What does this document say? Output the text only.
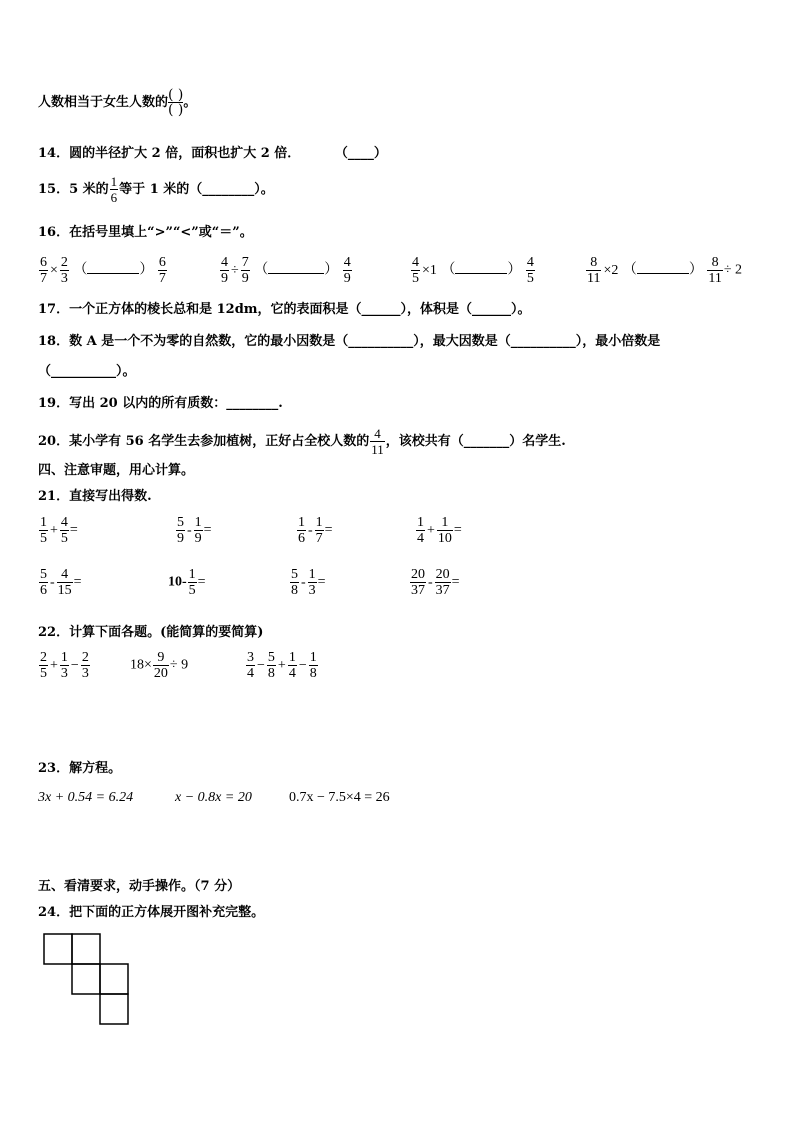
人数相当于女生人数的 $\frac{( )}{( )}$ 。
14．圆的半径扩大 2 倍，面积也扩大 2 倍．	（____）
15．5 米的 $\frac{1}{6}$ 等于 1 米的（________）。
16．在括号里填上“>”“<”或“＝”。
$\frac{6}{7} \times \frac{2}{3}$ （	） $\frac{6}{7}$	$\frac{4}{9} \div \frac{7}{9}$ （	） $\frac{4}{9}$	$\frac{4}{5} \times 1$ （	） $\frac{4}{5}$	$\frac{8}{11} \times 2$ （	） $\frac{8}{11} \div 2$
17．一个正方体的棱长总和是 12dm，它的表面积是（______），体积是（______）。
18．数 A 是一个不为零的自然数，它的最小因数是（__________），最大因数是（__________），最小倍数是
（__________）。
19．写出 20 以内的所有质数：________.
20．某小学有 56 名学生去参加植树，正好占全校人数的 $\frac{4}{11}$ ，该校共有（_______）名学生.
四、注意审题，用心计算。
21．直接写出得数.
$\frac{1}{5} + \frac{4}{5}$ =	$\frac{5}{9} - \frac{1}{9}$ =	$\frac{1}{6} - \frac{1}{7}$ =	$\frac{1}{4} + \frac{1}{10}$ =
$\frac{5}{6} - \frac{4}{15}$ =	$10- \frac{1}{5}$ =	$\frac{5}{8} - \frac{1}{3}$ =	$\frac{20}{37} - \frac{20}{37}$ =
22．计算下面各题。(能简算的要简算)
$\frac{2}{5} + \frac{1}{3} - \frac{2}{3}$	$18\times \frac{9}{20} \div 9$	$\frac{3}{4} - \frac{5}{8} + \frac{1}{4} - \frac{1}{8}$
23．解方程。
3x + 0.54 = 6.24	x − 0.8x = 20	0.7x − 7.5×4 = 26
五、看清要求，动手操作。（7 分）
24．把下面的正方体展开图补充完整。
